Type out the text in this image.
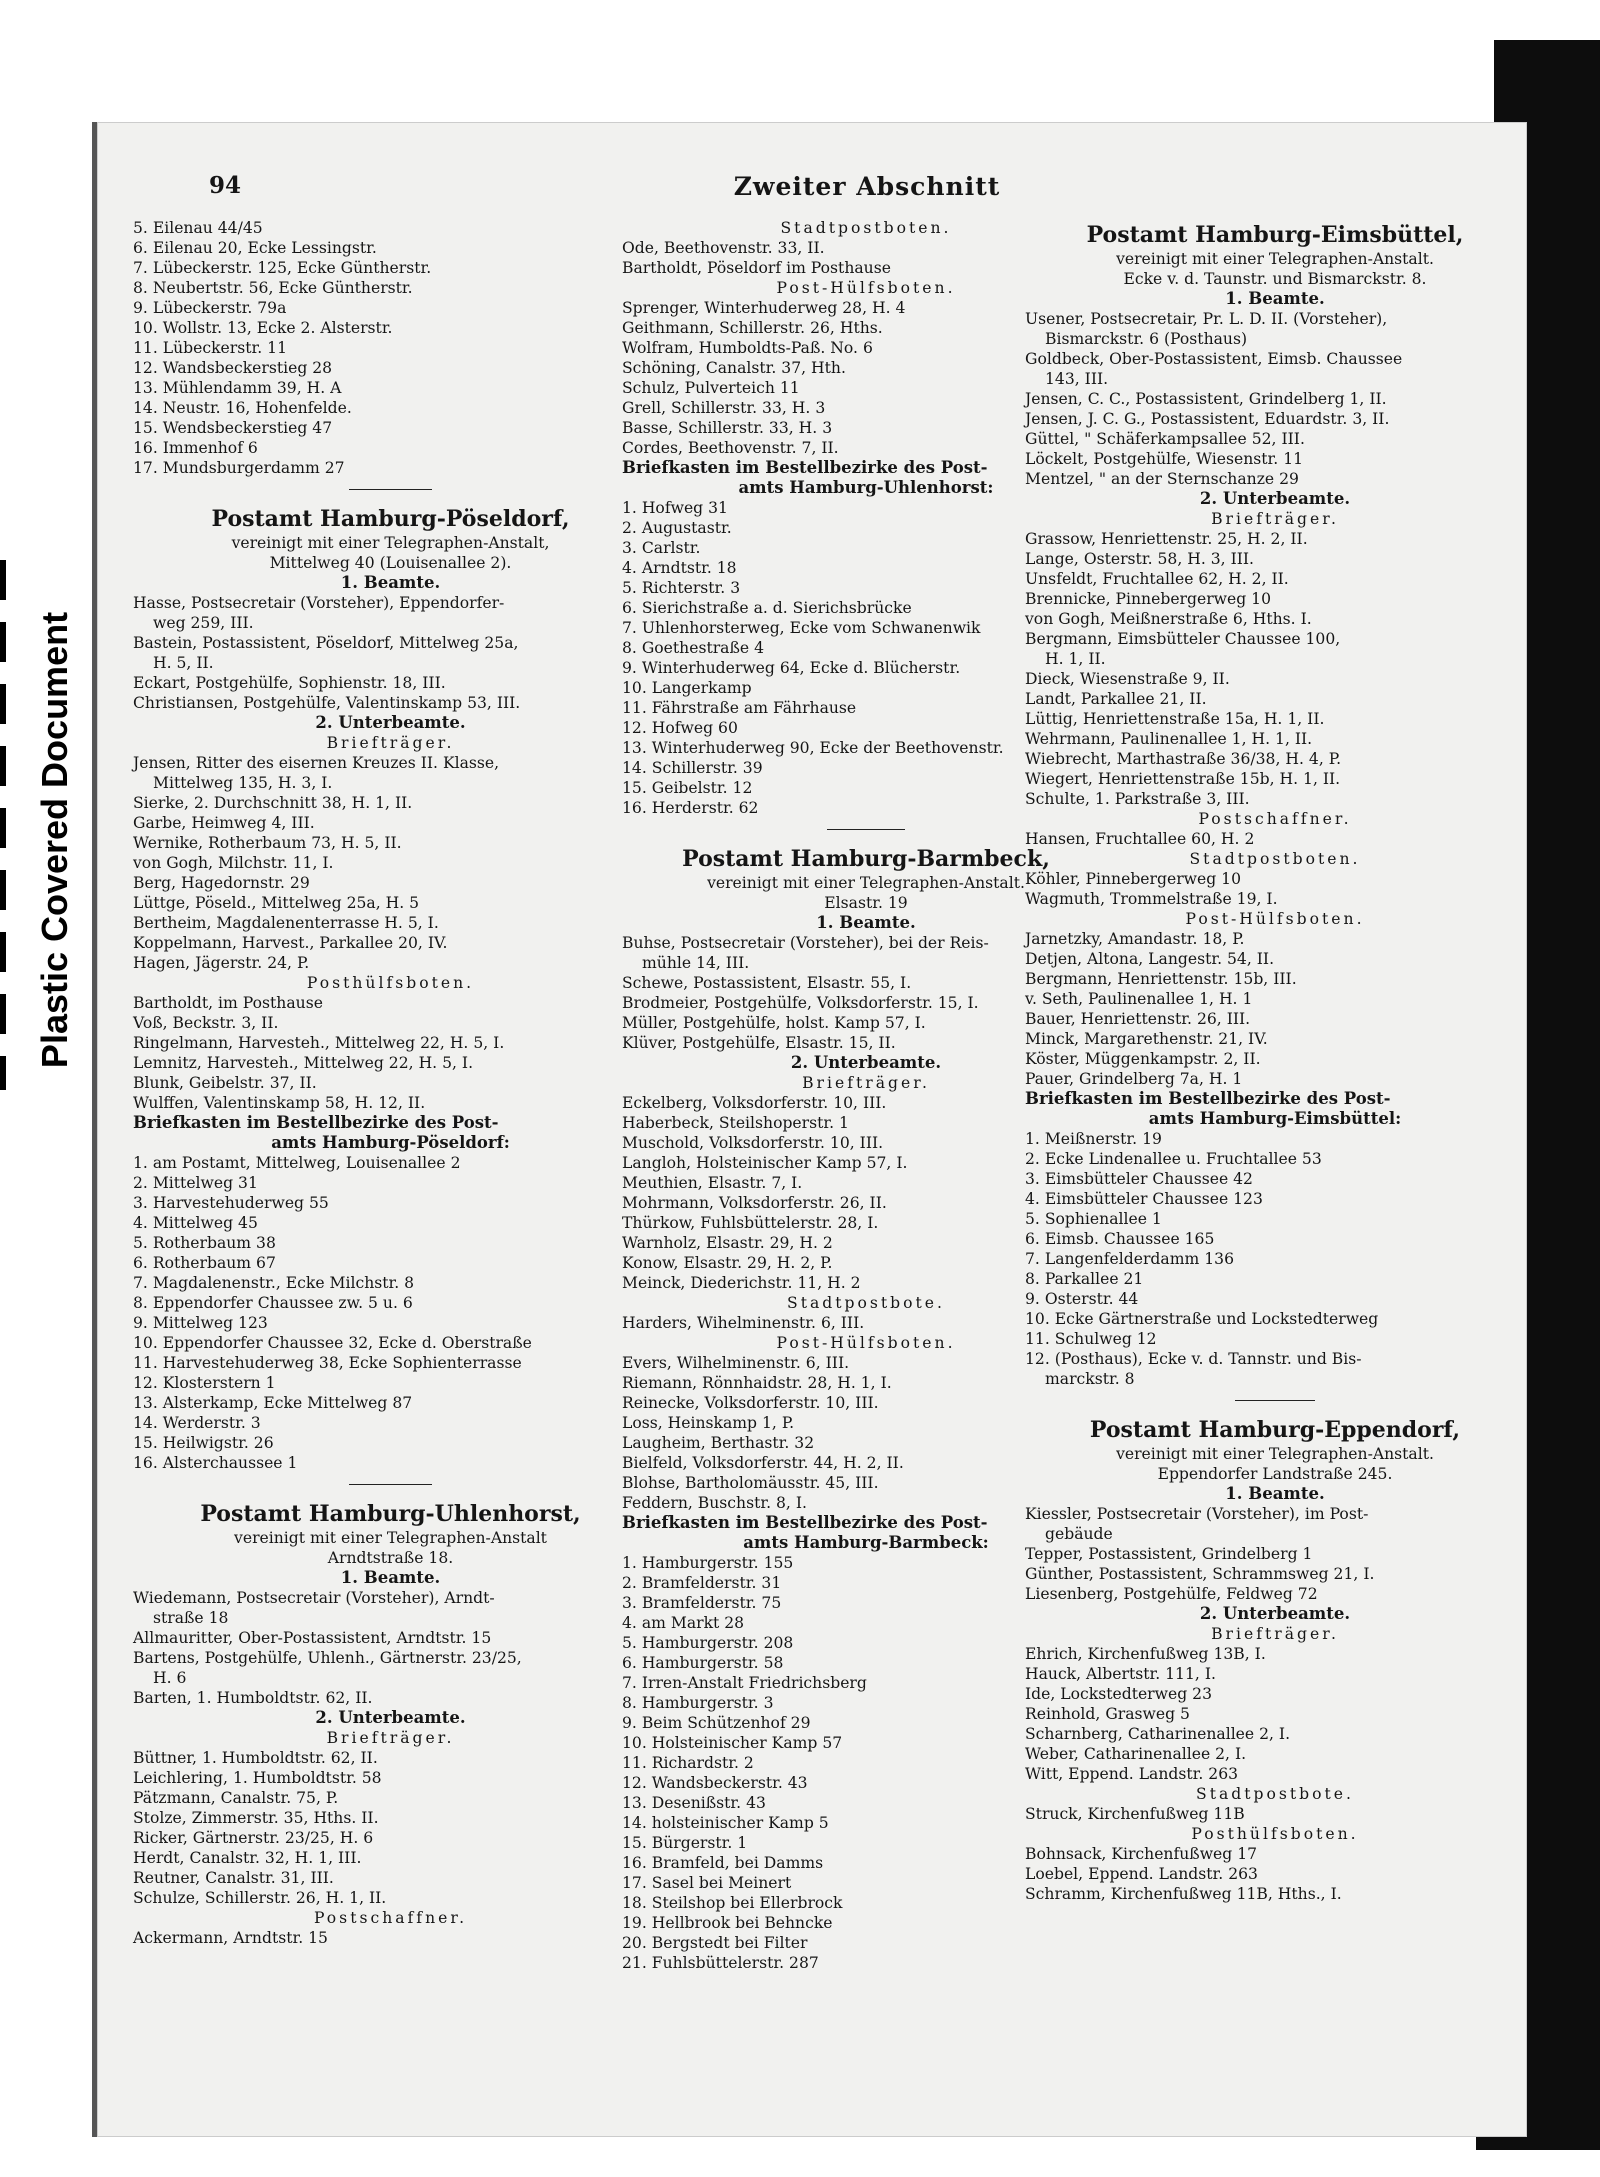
Plastic Covered Document
94	Zweiter Abschnitt
5. Eilenau 44/45
6. Eilenau 20, Ecke Lessingstr.
7. Lübeckerstr. 125, Ecke Güntherstr.
8. Neubertstr. 56, Ecke Güntherstr.
9. Lübeckerstr. 79a
10. Wollstr. 13, Ecke 2. Alsterstr.
11. Lübeckerstr. 11
12. Wandsbeckerstieg 28
13. Mühlendamm 39, H. A
14. Neustr. 16, Hohenfelde.
15. Wendsbeckerstieg 47
16. Immenhof 6
17. Mundsburgerdamm 27
Postamt Hamburg-Pöseldorf,
vereinigt mit einer Telegraphen-Anstalt,
Mittelweg 40 (Louisenallee 2).
1. Beamte.
Hasse, Postsecretair (Vorsteher), Eppendorfer-
weg 259, III.
Bastein, Postassistent, Pöseldorf, Mittelweg 25a,
H. 5, II.
Eckart, Postgehülfe, Sophienstr. 18, III.
Christiansen, Postgehülfe, Valentinskamp 53, III.
2. Unterbeamte.
Briefträger.
Jensen, Ritter des eisernen Kreuzes II. Klasse,
Mittelweg 135, H. 3, I.
Sierke, 2. Durchschnitt 38, H. 1, II.
Garbe, Heimweg 4, III.
Wernike, Rotherbaum 73, H. 5, II.
von Gogh, Milchstr. 11, I.
Berg, Hagedornstr. 29
Lüttge, Pöseld., Mittelweg 25a, H. 5
Bertheim, Magdalenenterrasse H. 5, I.
Koppelmann, Harvest., Parkallee 20, IV.
Hagen, Jägerstr. 24, P.
Posthülfsboten.
Bartholdt, im Posthause
Voß, Beckstr. 3, II.
Ringelmann, Harvesteh., Mittelweg 22, H. 5, I.
Lemnitz, Harvesteh., Mittelweg 22, H. 5, I.
Blunk, Geibelstr. 37, II.
Wulffen, Valentinskamp 58, H. 12, II.
Briefkasten im Bestellbezirke des Post-
amts Hamburg-Pöseldorf:
1. am Postamt, Mittelweg, Louisenallee 2
2. Mittelweg 31
3. Harvestehuderweg 55
4. Mittelweg 45
5. Rotherbaum 38
6. Rotherbaum 67
7. Magdalenenstr., Ecke Milchstr. 8
8. Eppendorfer Chaussee zw. 5 u. 6
9. Mittelweg 123
10. Eppendorfer Chaussee 32, Ecke d. Oberstraße
11. Harvestehuderweg 38, Ecke Sophienterrasse
12. Klosterstern 1
13. Alsterkamp, Ecke Mittelweg 87
14. Werderstr. 3
15. Heilwigstr. 26
16. Alsterchaussee 1
Postamt Hamburg-Uhlenhorst,
vereinigt mit einer Telegraphen-Anstalt
Arndtstraße 18.
1. Beamte.
Wiedemann, Postsecretair (Vorsteher), Arndt-
straße 18
Allmauritter, Ober-Postassistent, Arndtstr. 15
Bartens, Postgehülfe, Uhlenh., Gärtnerstr. 23/25,
H. 6
Barten, 1. Humboldtstr. 62, II.
2. Unterbeamte.
Briefträger.
Büttner, 1. Humboldtstr. 62, II.
Leichlering, 1. Humboldtstr. 58
Pätzmann, Canalstr. 75, P.
Stolze, Zimmerstr. 35, Hths. II.
Ricker, Gärtnerstr. 23/25, H. 6
Herdt, Canalstr. 32, H. 1, III.
Reutner, Canalstr. 31, III.
Schulze, Schillerstr. 26, H. 1, II.
Postschaffner.
Ackermann, Arndtstr. 15
Stadtpostboten.
Ode, Beethovenstr. 33, II.
Bartholdt, Pöseldorf im Posthause
Post-Hülfsboten.
Sprenger, Winterhuderweg 28, H. 4
Geithmann, Schillerstr. 26, Hths.
Wolfram, Humboldts-Paß. No. 6
Schöning, Canalstr. 37, Hth.
Schulz, Pulverteich 11
Grell, Schillerstr. 33, H. 3
Basse, Schillerstr. 33, H. 3
Cordes, Beethovenstr. 7, II.
Briefkasten im Bestellbezirke des Post-
amts Hamburg-Uhlenhorst:
1. Hofweg 31
2. Augustastr.
3. Carlstr.
4. Arndtstr. 18
5. Richterstr. 3
6. Sierichstraße a. d. Sierichsbrücke
7. Uhlenhorsterweg, Ecke vom Schwanenwik
8. Goethestraße 4
9. Winterhuderweg 64, Ecke d. Blücherstr.
10. Langerkamp
11. Fährstraße am Fährhause
12. Hofweg 60
13. Winterhuderweg 90, Ecke der Beethovenstr.
14. Schillerstr. 39
15. Geibelstr. 12
16. Herderstr. 62
Postamt Hamburg-Barmbeck,
vereinigt mit einer Telegraphen-Anstalt.
Elsastr. 19
1. Beamte.
Buhse, Postsecretair (Vorsteher), bei der Reis-
mühle 14, III.
Schewe, Postassistent, Elsastr. 55, I.
Brodmeier, Postgehülfe, Volksdorferstr. 15, I.
Müller, Postgehülfe, holst. Kamp 57, I.
Klüver, Postgehülfe, Elsastr. 15, II.
2. Unterbeamte.
Briefträger.
Eckelberg, Volksdorferstr. 10, III.
Haberbeck, Steilshoperstr. 1
Muschold, Volksdorferstr. 10, III.
Langloh, Holsteinischer Kamp 57, I.
Meuthien, Elsastr. 7, I.
Mohrmann, Volksdorferstr. 26, II.
Thürkow, Fuhlsbüttelerstr. 28, I.
Warnholz, Elsastr. 29, H. 2
Konow, Elsastr. 29, H. 2, P.
Meinck, Diederichstr. 11, H. 2
Stadtpostbote.
Harders, Wihelminenstr. 6, III.
Post-Hülfsboten.
Evers, Wilhelminenstr. 6, III.
Riemann, Rönnhaidstr. 28, H. 1, I.
Reinecke, Volksdorferstr. 10, III.
Loss, Heinskamp 1, P.
Laugheim, Berthastr. 32
Bielfeld, Volksdorferstr. 44, H. 2, II.
Blohse, Bartholomäusstr. 45, III.
Feddern, Buschstr. 8, I.
Briefkasten im Bestellbezirke des Post-
amts Hamburg-Barmbeck:
1. Hamburgerstr. 155
2. Bramfelderstr. 31
3. Bramfelderstr. 75
4. am Markt 28
5. Hamburgerstr. 208
6. Hamburgerstr. 58
7. Irren-Anstalt Friedrichsberg
8. Hamburgerstr. 3
9. Beim Schützenhof 29
10. Holsteinischer Kamp 57
11. Richardstr. 2
12. Wandsbeckerstr. 43
13. Desenißstr. 43
14. holsteinischer Kamp 5
15. Bürgerstr. 1
16. Bramfeld, bei Damms
17. Sasel bei Meinert
18. Steilshop bei Ellerbrock
19. Hellbrook bei Behncke
20. Bergstedt bei Filter
21. Fuhlsbüttelerstr. 287
Postamt Hamburg-Eimsbüttel,
vereinigt mit einer Telegraphen-Anstalt.
Ecke v. d. Taunstr. und Bismarckstr. 8.
1. Beamte.
Usener, Postsecretair, Pr. L. D. II. (Vorsteher),
Bismarckstr. 6 (Posthaus)
Goldbeck, Ober-Postassistent, Eimsb. Chaussee
143, III.
Jensen, C. C., Postassistent, Grindelberg 1, II.
Jensen, J. C. G., Postassistent, Eduardstr. 3, II.
Güttel, " Schäferkampsallee 52, III.
Löckelt, Postgehülfe, Wiesenstr. 11
Mentzel, " an der Sternschanze 29
2. Unterbeamte.
Briefträger.
Grassow, Henriettenstr. 25, H. 2, II.
Lange, Osterstr. 58, H. 3, III.
Unsfeldt, Fruchtallee 62, H. 2, II.
Brennicke, Pinnebergerweg 10
von Gogh, Meißnerstraße 6, Hths. I.
Bergmann, Eimsbütteler Chaussee 100,
H. 1, II.
Dieck, Wiesenstraße 9, II.
Landt, Parkallee 21, II.
Lüttig, Henriettenstraße 15a, H. 1, II.
Wehrmann, Paulinenallee 1, H. 1, II.
Wiebrecht, Marthastraße 36/38, H. 4, P.
Wiegert, Henriettenstraße 15b, H. 1, II.
Schulte, 1. Parkstraße 3, III.
Postschaffner.
Hansen, Fruchtallee 60, H. 2
Stadtpostboten.
Köhler, Pinnebergerweg 10
Wagmuth, Trommelstraße 19, I.
Post-Hülfsboten.
Jarnetzky, Amandastr. 18, P.
Detjen, Altona, Langestr. 54, II.
Bergmann, Henriettenstr. 15b, III.
v. Seth, Paulinenallee 1, H. 1
Bauer, Henriettenstr. 26, III.
Minck, Margarethenstr. 21, IV.
Köster, Müggenkampstr. 2, II.
Pauer, Grindelberg 7a, H. 1
Briefkasten im Bestellbezirke des Post-
amts Hamburg-Eimsbüttel:
1. Meißnerstr. 19
2. Ecke Lindenallee u. Fruchtallee 53
3. Eimsbütteler Chaussee 42
4. Eimsbütteler Chaussee 123
5. Sophienallee 1
6. Eimsb. Chaussee 165
7. Langenfelderdamm 136
8. Parkallee 21
9. Osterstr. 44
10. Ecke Gärtnerstraße und Lockstedterweg
11. Schulweg 12
12. (Posthaus), Ecke v. d. Tannstr. und Bis-
marckstr. 8
Postamt Hamburg-Eppendorf,
vereinigt mit einer Telegraphen-Anstalt.
Eppendorfer Landstraße 245.
1. Beamte.
Kiessler, Postsecretair (Vorsteher), im Post-
gebäude
Tepper, Postassistent, Grindelberg 1
Günther, Postassistent, Schrammsweg 21, I.
Liesenberg, Postgehülfe, Feldweg 72
2. Unterbeamte.
Briefträger.
Ehrich, Kirchenfußweg 13B, I.
Hauck, Albertstr. 111, I.
Ide, Lockstedterweg 23
Reinhold, Grasweg 5
Scharnberg, Catharinenallee 2, I.
Weber, Catharinenallee 2, I.
Witt, Eppend. Landstr. 263
Stadtpostbote.
Struck, Kirchenfußweg 11B
Posthülfsboten.
Bohnsack, Kirchenfußweg 17
Loebel, Eppend. Landstr. 263
Schramm, Kirchenfußweg 11B, Hths., I.
